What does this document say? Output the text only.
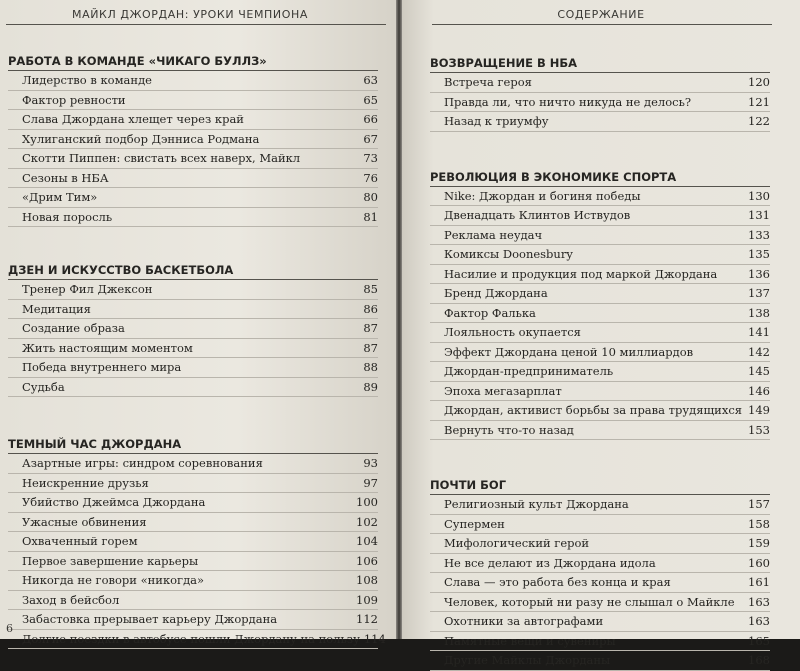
МАЙКЛ ДЖОРДАН: УРОКИ ЧЕМПИОНА
РАБОТА В КОМАНДЕ «ЧИКАГО БУЛЛЗ»
Лидерство в команде	63
Фактор ревности	65
Слава Джордана хлещет через край	66
Хулиганский подбор Дэнниса Родмана	67
Скотти Пиппен: свистать всех наверх, Майкл	73
Сезоны в НБА	76
«Дрим Тим»	80
Новая поросль	81
ДЗЕН И ИСКУССТВО БАСКЕТБОЛА
Тренер Фил Джексон	85
Медитация	86
Создание образа	87
Жить настоящим моментом	87
Победа внутреннего мира	88
Судьба	89
ТЕМНЫЙ ЧАС ДЖОРДАНА
Азартные игры: синдром соревнования	93
Неискренние друзья	97
Убийство Джеймса Джордана	100
Ужасные обвинения	102
Охваченный горем	104
Первое завершение карьеры	106
Никогда не говори «никогда»	108
Заход в бейсбол	109
Забастовка прерывает карьеру Джордана	112
Долгие поездки в автобусе пошли Джордану на пользу 114
6
СОДЕРЖАНИЕ
ВОЗВРАЩЕНИЕ В НБА
Встреча героя	120
Правда ли, что ничто никуда не делось?	121
Назад к триумфу	122
РЕВОЛЮЦИЯ В ЭКОНОМИКЕ СПОРТА
Nike: Джордан и богиня победы	130
Двенадцать Клинтов Иствудов	131
Реклама неудач	133
Комиксы Doonesbury	135
Насилие и продукция под маркой Джордана	136
Бренд Джордана	137
Фактор Фалька	138
Лояльность окупается	141
Эффект Джордана ценой 10 миллиардов	142
Джордан-предприниматель	145
Эпоха мегазарплат	146
Джордан, активист борьбы за права трудящихся 149
Вернуть что-то назад	153
ПОЧТИ БОГ
Религиозный культ Джордана	157
Супермен	158
Мифологический герой	159
Не все делают из Джордана идола	160
Слава — это работа без конца и края	161
Человек, который ни разу не слышал о Майкле	163
Охотники за автографами	163
Памятные вещи и сувениры	165
Другие Майклы Джорданы	168
